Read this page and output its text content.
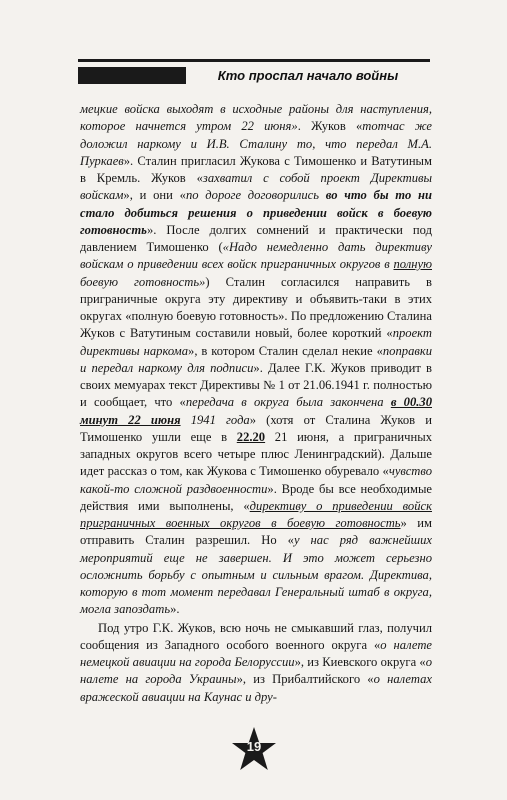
Кто проспал начало войны

мецкие войска выходят в исходные районы для наступления, которое начнется утром 22 июня». Жуков «тотчас же доложил наркому и И.В. Сталину то, что передал М.А. Пуркаев». Сталин пригласил Жукова с Тимошенко и Ватутиным в Кремль. Жуков «захватил с собой проект Директивы войскам», и они «по дороге договорились во что бы то ни стало добиться решения о приведении войск в боевую готовность». После долгих сомнений и практически под давлением Тимошенко («Надо немедленно дать директиву войскам о приведении всех войск приграничных округов в полную боевую готовность») Сталин согласился направить в приграничные округа эту директиву и объявить-таки в этих округах «полную боевую готовность». По предложению Сталина Жуков с Ватутиным составили новый, более короткий «проект директивы наркома», в котором Сталин сделал некие «поправки и передал наркому для подписи». Далее Г.К. Жуков приводит в своих мемуарах текст Директивы № 1 от 21.06.1941 г. полностью и сообщает, что «передача в округа была закончена в 00.30 минут 22 июня 1941 года» (хотя от Сталина Жуков и Тимошенко ушли еще в 22.20 21 июня, а приграничных западных округов всего четыре плюс Ленинградский). Дальше идет рассказ о том, как Жукова с Тимошенко обуревало «чувство какой-то сложной раздвоенности». Вроде бы все необходимые действия ими выполнены, «директиву о приведении войск приграничных военных округов в боевую готовность» им отправить Сталин разрешил. Но «у нас ряд важнейших мероприятий еще не завершен. И это может серьезно осложнить борьбу с опытным и сильным врагом. Директива, которую в тот момент передавал Генеральный штаб в округа, могла запоздать».

Под утро Г.К. Жуков, всю ночь не смыкавший глаз, получил сообщения из Западного особого военного округа «о налете немецкой авиации на города Белоруссии», из Киевского округа «о налете на города Украины», из Прибалтийского «о налетах вражеской авиации на Каунас и дру-

19
